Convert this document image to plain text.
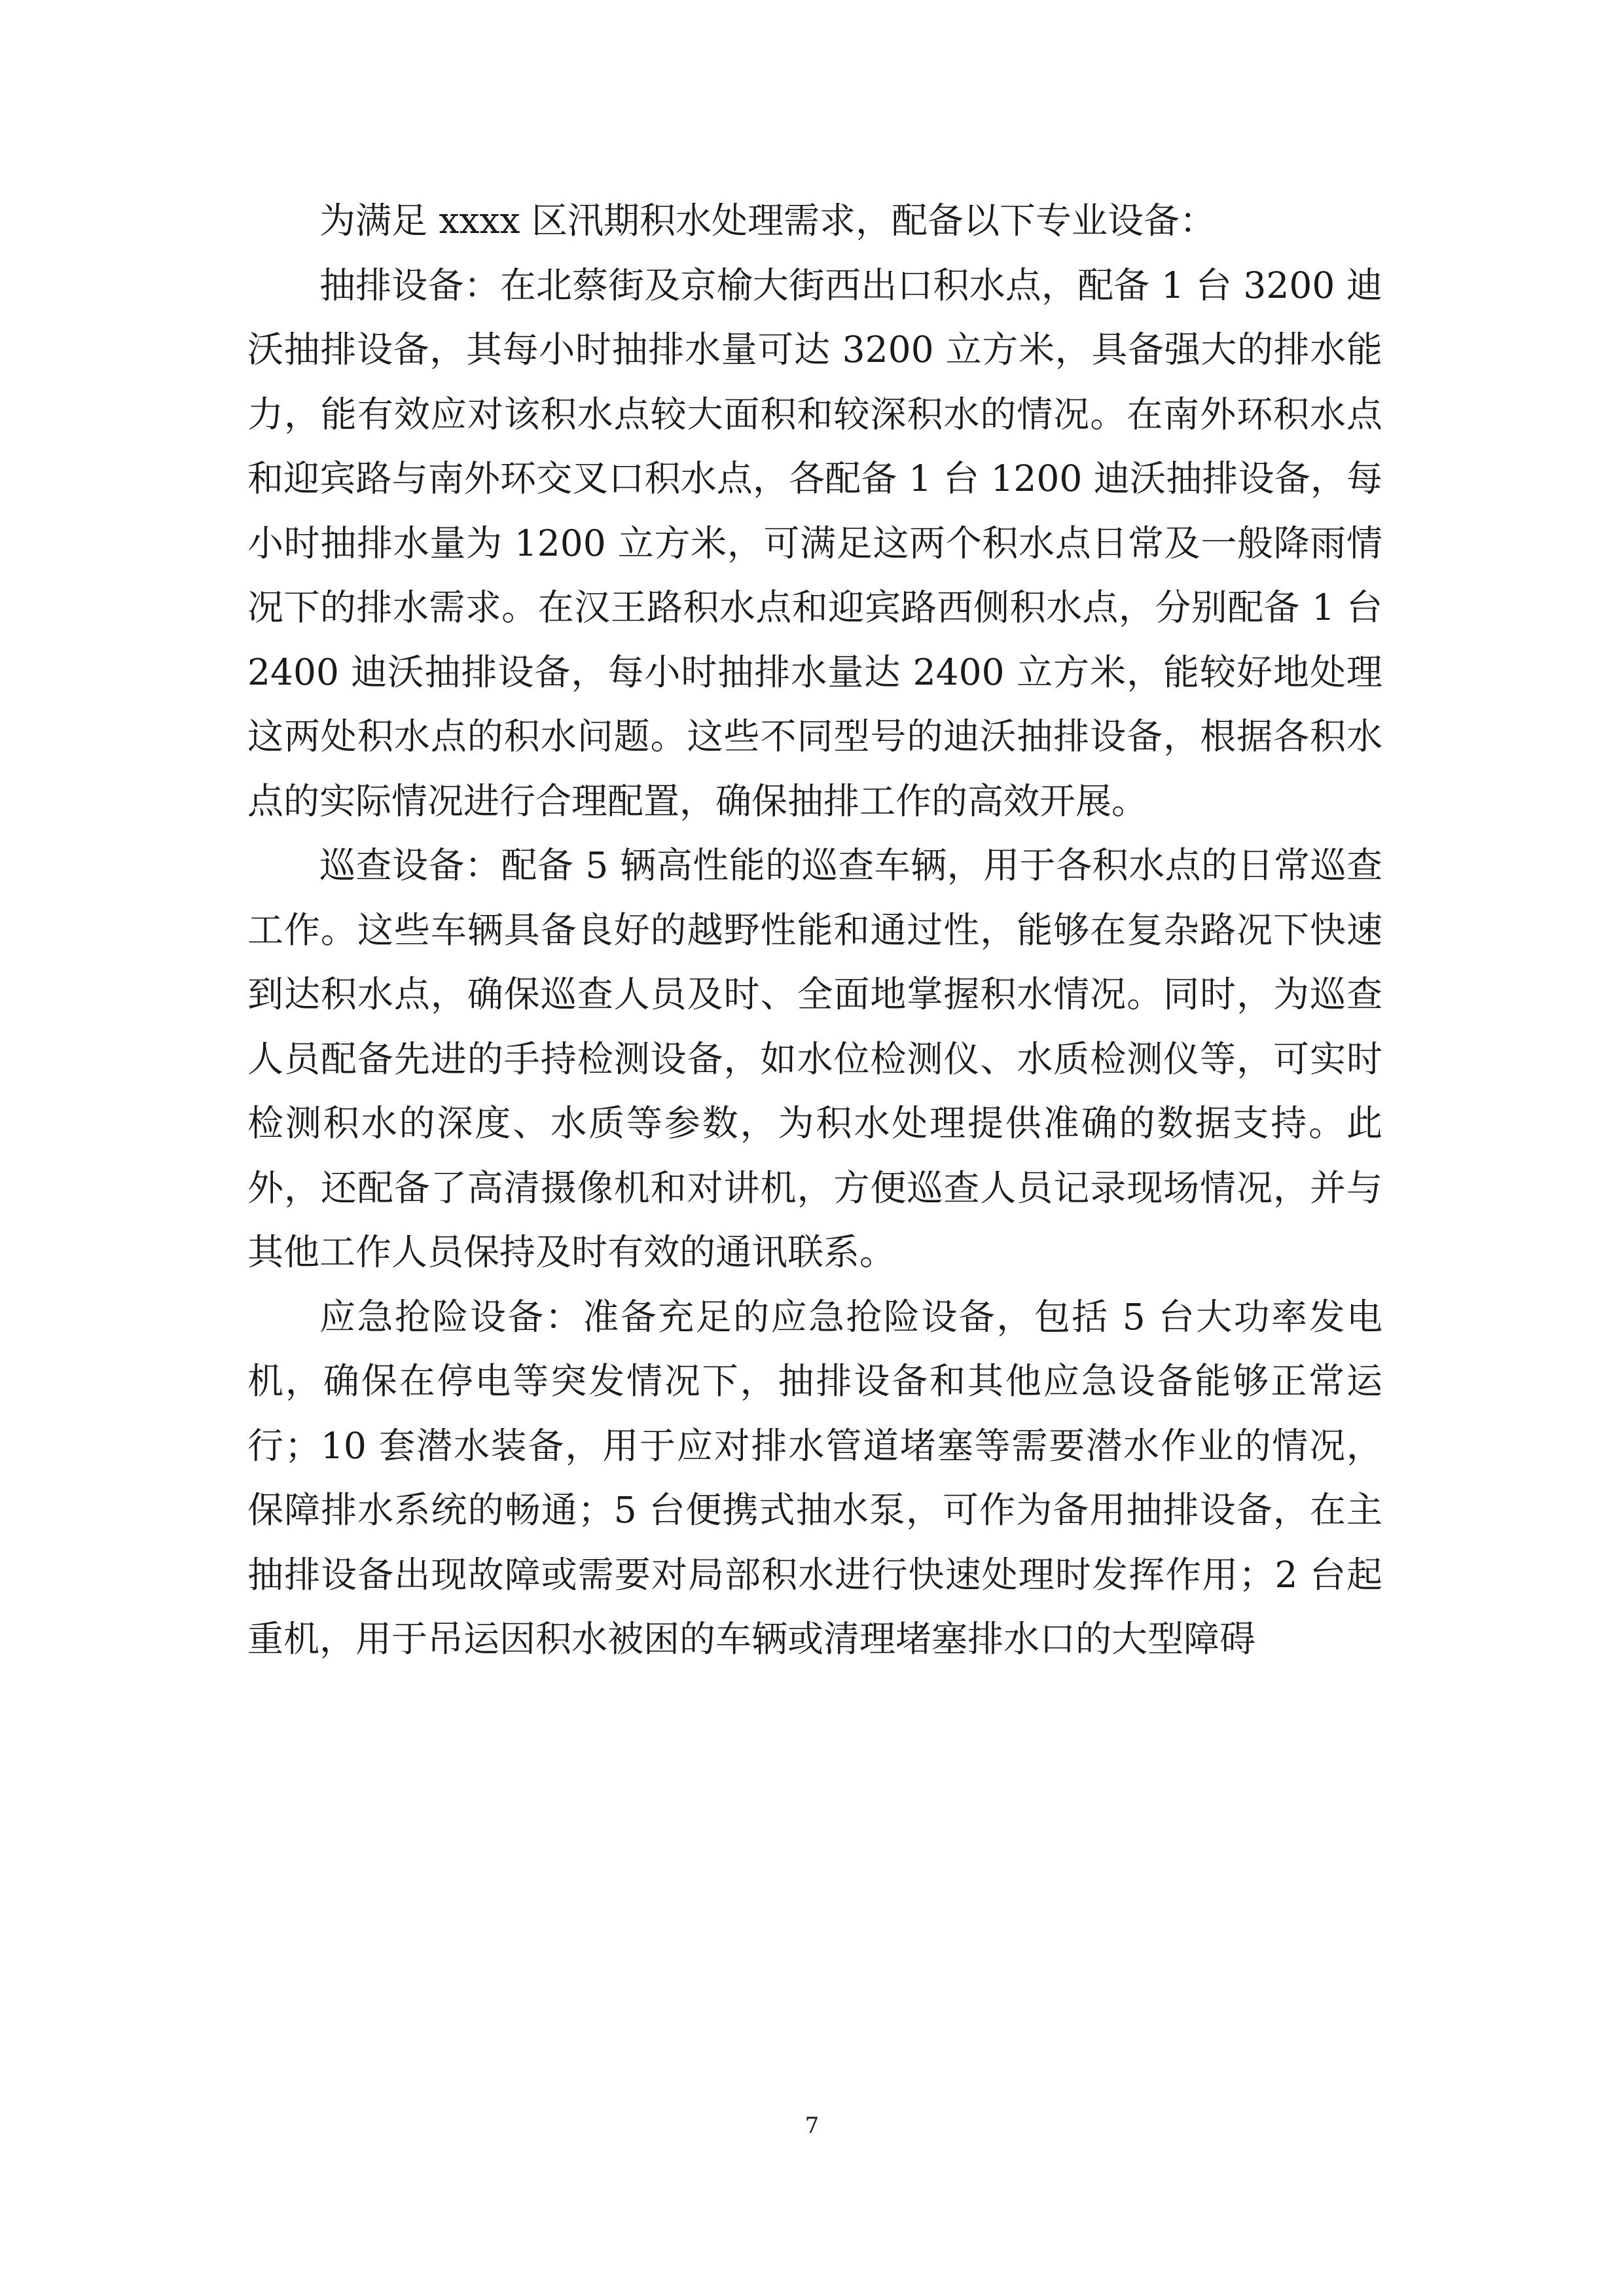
为满足 xxxx 区汛期积水处理需求，配备以下专业设备：

抽排设备：在北蔡街及京榆大街西出口积水点，配备 1 台 3200 迪沃抽排设备，其每小时抽排水量可达 3200 立方米，具备强大的排水能力，能有效应对该积水点较大面积和较深积水的情况。在南外环积水点和迎宾路与南外环交叉口积水点，各配备 1 台 1200 迪沃抽排设备，每小时抽排水量为 1200 立方米，可满足这两个积水点日常及一般降雨情况下的排水需求。在汉王路积水点和迎宾路西侧积水点，分别配备 1 台 2400 迪沃抽排设备，每小时抽排水量达 2400 立方米，能较好地处理这两处积水点的积水问题。这些不同型号的迪沃抽排设备，根据各积水点的实际情况进行合理配置，确保抽排工作的高效开展。

巡查设备：配备 5 辆高性能的巡查车辆，用于各积水点的日常巡查工作。这些车辆具备良好的越野性能和通过性，能够在复杂路况下快速到达积水点，确保巡查人员及时、全面地掌握积水情况。同时，为巡查人员配备先进的手持检测设备，如水位检测仪、水质检测仪等，可实时检测积水的深度、水质等参数，为积水处理提供准确的数据支持。此外，还配备了高清摄像机和对讲机，方便巡查人员记录现场情况，并与其他工作人员保持及时有效的通讯联系。

应急抢险设备：准备充足的应急抢险设备，包括 5 台大功率发电机，确保在停电等突发情况下，抽排设备和其他应急设备能够正常运行；10 套潜水装备，用于应对排水管道堵塞等需要潜水作业的情况，保障排水系统的畅通；5 台便携式抽水泵，可作为备用抽排设备，在主抽排设备出现故障或需要对局部积水进行快速处理时发挥作用；2 台起重机，用于吊运因积水被困的车辆或清理堵塞排水口的大型障碍

7
